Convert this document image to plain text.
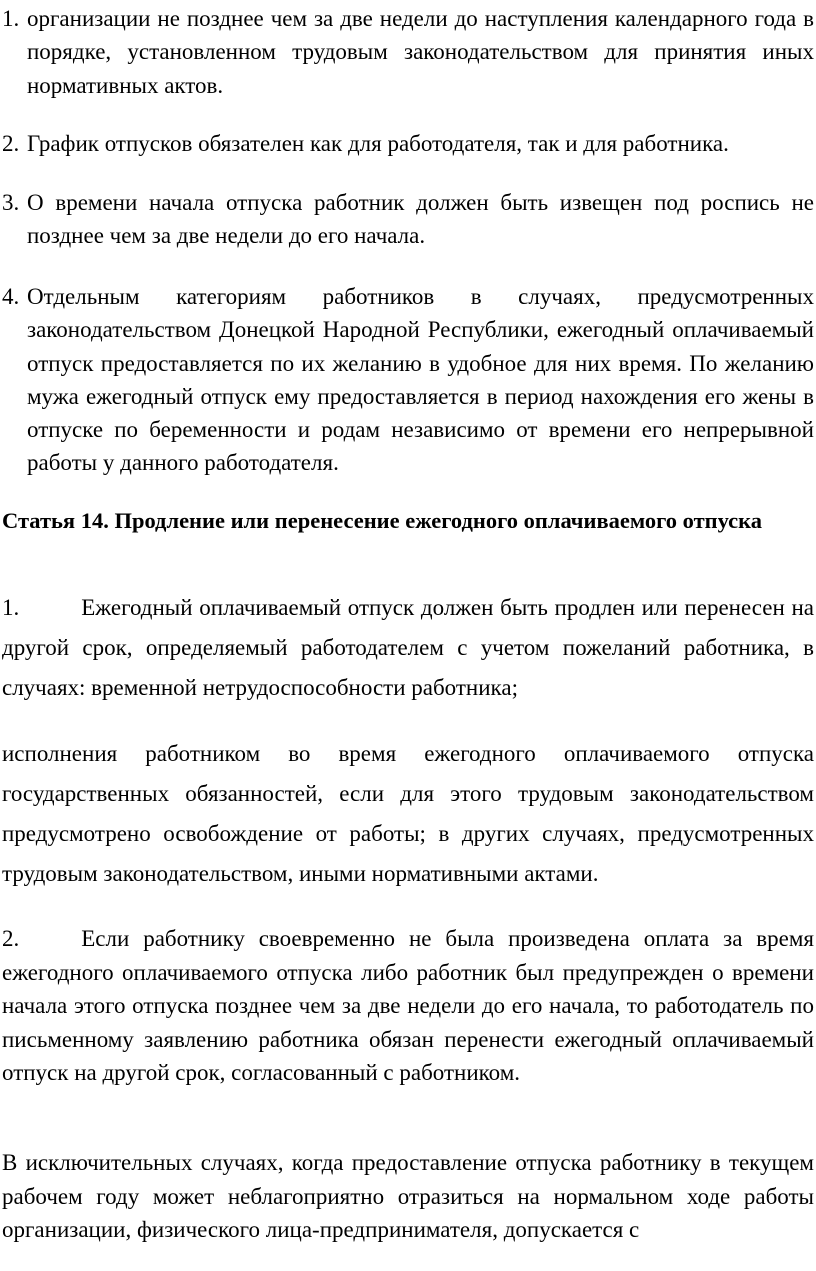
1. организации не позднее чем за две недели до наступления календарного года в порядке, установленном трудовым законодательством для принятия иных нормативных актов.
2. График отпусков обязателен как для работодателя, так и для работника.
3. О времени начала отпуска работник должен быть извещен под роспись не позднее чем за две недели до его начала.
4. Отдельным категориям работников в случаях, предусмотренных законодательством Донецкой Народной Республики, ежегодный оплачиваемый отпуск предоставляется по их желанию в удобное для них время. По желанию мужа ежегодный отпуск ему предоставляется в период нахождения его жены в отпуске по беременности и родам независимо от времени его непрерывной работы у данного работодателя.
Статья 14. Продление или перенесение ежегодного оплачиваемого отпуска
1.	Ежегодный оплачиваемый отпуск должен быть продлен или перенесен на другой срок, определяемый работодателем с учетом пожеланий работника, в случаях: временной нетрудоспособности работника;
исполнения работником во время ежегодного оплачиваемого отпуска государственных обязанностей, если для этого трудовым законодательством предусмотрено освобождение от работы; в других случаях, предусмотренных трудовым законодательством, иными нормативными актами.
2.	Если работнику своевременно не была произведена оплата за время ежегодного оплачиваемого отпуска либо работник был предупрежден о времени начала этого отпуска позднее чем за две недели до его начала, то работодатель по письменному заявлению работника обязан перенести ежегодный оплачиваемый отпуск на другой срок, согласованный с работником.
В исключительных случаях, когда предоставление отпуска работнику в текущем рабочем году может неблагоприятно отразиться на нормальном ходе работы организации, физического лица-предпринимателя, допускается с
